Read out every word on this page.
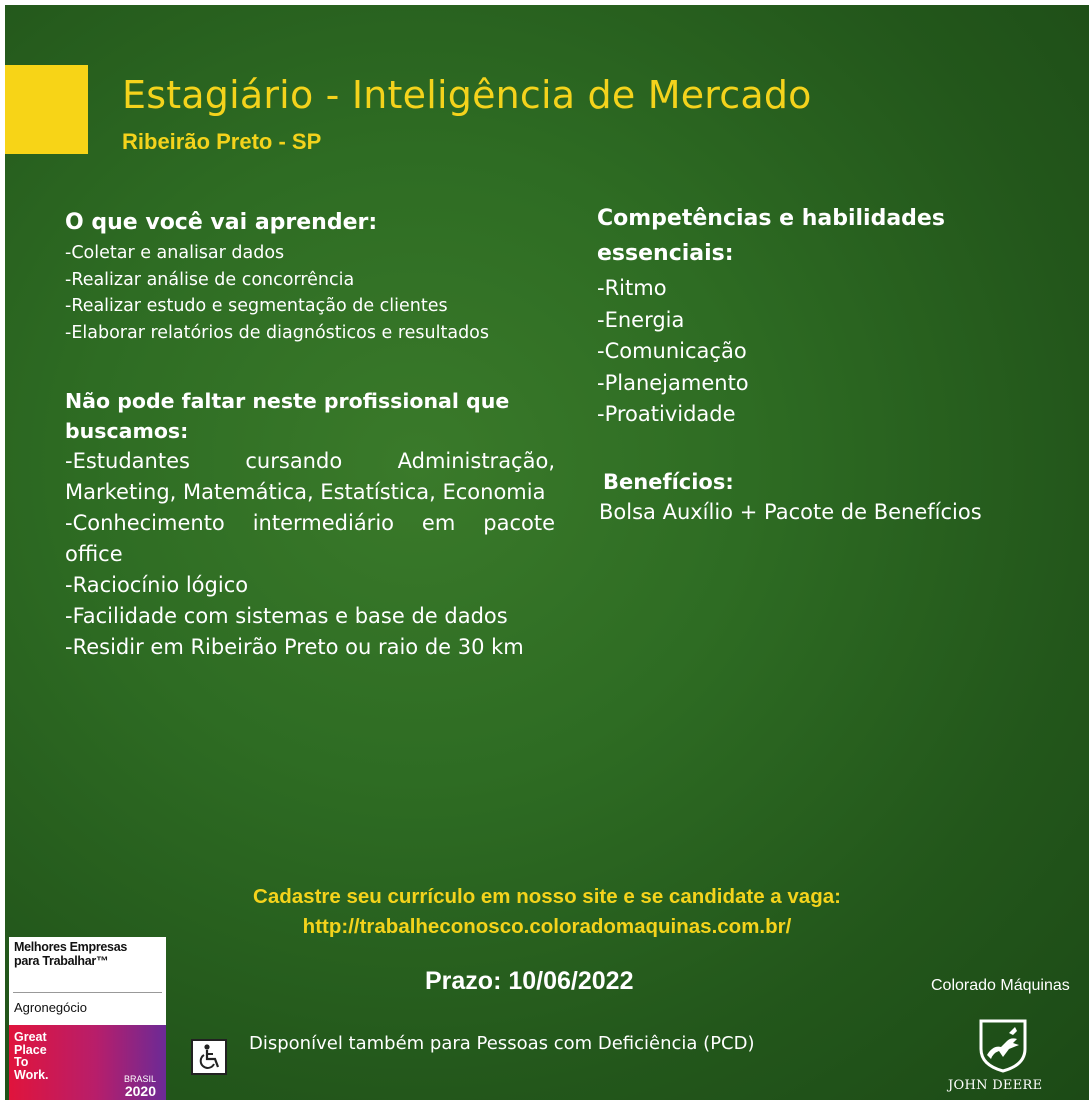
Estagiário - Inteligência de Mercado
Ribeirão Preto - SP
O que você vai aprender:
-Coletar e analisar dados
-Realizar análise de concorrência
-Realizar estudo e segmentação de clientes
-Elaborar relatórios de diagnósticos e resultados
Não pode faltar neste profissional que buscamos:
-Estudantes cursando Administração, Marketing, Matemática, Estatística, Economia
-Conhecimento intermediário em pacote office
-Raciocínio lógico
-Facilidade com sistemas e base de dados
-Residir em Ribeirão Preto ou raio de 30 km
Competências e habilidades essenciais:
-Ritmo
-Energia
-Comunicação
-Planejamento
-Proatividade
Benefícios:
Bolsa Auxílio + Pacote de Benefícios
Cadastre seu currículo em nosso site e se candidate a vaga:
http://trabalheconosco.coloradomaquinas.com.br/
Prazo: 10/06/2022
Disponível também para Pessoas com Deficiência (PCD)
Melhores Empresas
para Trabalhar™
Agronegócio
Great
Place
To
Work.	BRASIL
2020
Colorado Máquinas
JOHN DEERE
